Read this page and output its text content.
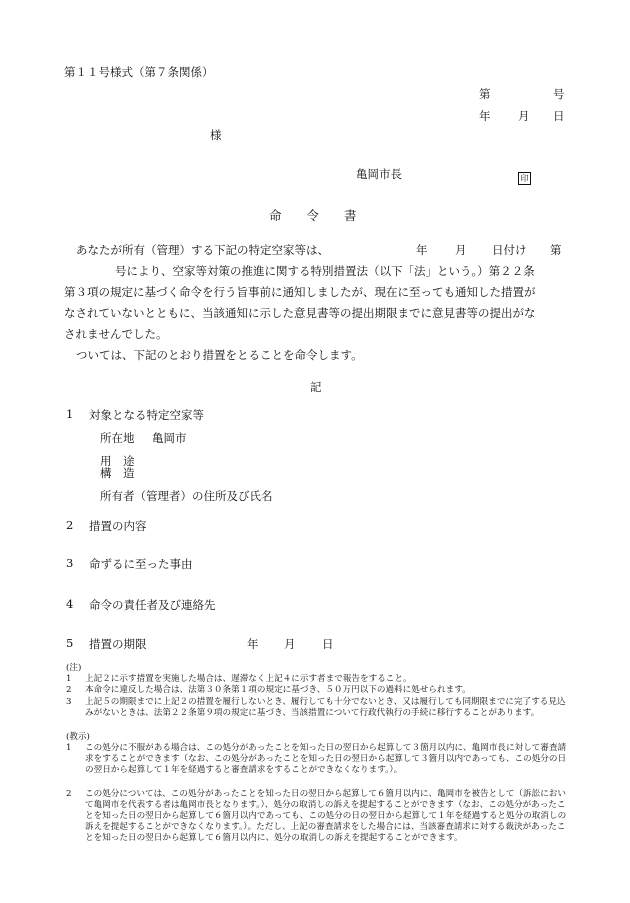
第１１号様式（第７条関係）
第	号
年 月 日
様
亀岡市長	印
命　　令　　書
あなたが所有（管理）する下記の特定空家等は、	年 月 日付け 第
号により、空家等対策の推進に関する特別措置法（以下「法」という。）第２２条
第３項の規定に基づく命令を行う旨事前に通知しましたが、現在に至っても通知した措置が
なされていないとともに、当該通知に示した意見書等の提出期限までに意見書等の提出がな
されませんでした。
ついては、下記のとおり措置をとることを命令します。
記
1 対象となる特定空家等
所在地 亀岡市
用　途
構　造
所有者（管理者）の住所及び氏名
2 措置の内容
3 命ずるに至った事由
4 命令の責任者及び連絡先
5 措置の期限	年 月 日
(注)
1 上記２に示す措置を実施した場合は、遅滞なく上記４に示す者まで報告をすること。
2 本命令に違反した場合は、法第３０条第１項の規定に基づき、５０万円以下の過料に処せられます。
3 上記５の期限までに上記２の措置を履行しないとき、履行しても十分でないとき、又は履行しても同期限までに完了する見込みがないときは、法第２２条第９項の規定に基づき、当該措置について行政代執行の手続に移行することがあります。
(教示)
1 この処分に不服がある場合は、この処分があったことを知った日の翌日から起算して３箇月以内に、亀岡市長に対して審査請求をすることができます（なお、この処分があったことを知った日の翌日から起算して３箇月以内であっても、この処分の日の翌日から起算して１年を経過すると審査請求をすることができなくなります。）。
2 この処分については、この処分があったことを知った日の翌日から起算して６箇月以内に、亀岡市を被告として（訴訟において亀岡市を代表する者は亀岡市長となります。）、処分の取消しの訴えを提起することができます（なお、この処分があったことを知った日の翌日から起算して６箇月以内であっても、この処分の日の翌日から起算して１年を経過すると処分の取消しの訴えを提起することができなくなります。）。ただし、上記の審査請求をした場合には、当該審査請求に対する裁決があったことを知った日の翌日から起算して６箇月以内に、処分の取消しの訴えを提起することができます。
